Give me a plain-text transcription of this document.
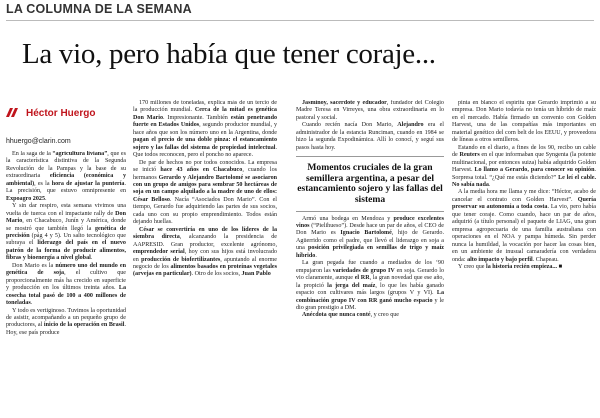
LA COLUMNA DE LA SEMANA
La vio, pero había que tener coraje...
Héctor Huergo
hhuergo@clarin.com

En la saga de la “agricultura liviana”, que es la característica distintiva de la Segunda Revolución de la Pampas y la base de su extraordinaria eficiencia (económica y ambiental), es la hora de ajustar la puntería. La precisión, que estuvo omnipresente en Expoagro 2025.

Y sin dar respiro, esta semana vivimos una vuelta de tuerca con el impactante rally de Don Mario, en Chacabuco, Junín y América, donde se mostró que también llegó la genética de precisión (pág 4 y 5). Un salto tecnológico que subraya el liderazgo del país en el nuevo patrón de la forma de producir alimentos, fibras y bioenergía a nivel global.

Don Mario es la número uno del mundo en genética de soja, el cultivo que proporcionalmente más ha crecido en superficie y producción en los últimos treinta años. La cosecha total pasó de 100 a 400 millones de toneladas.

Y todo es vertiginoso. Tuvimos la oportunidad de asistir, acompañando a un pequeño grupo de productores, al inicio de la operación en Brasil. Hoy, ese país produce

170 millones de toneladas, explica más de un tercio de la producción mundial. Cerca de la mitad es genética Don Mario. Impresionante. También están penetrando fuerte en Estados Unidos, segundo productor mundial, y hace años que son los número uno en la Argentina, donde pagan el precio de una doble pinza: el estancamiento sojero y las fallas del sistema de propiedad intelectual. Que todos reconocen, pero el poncho no aparece.

De par de hechos no por todos conocidos. La empresa se inició hace 43 años en Chacabuco, cuando los hermanos Gerardo y Alejandro Bartolomé se asociaron con un grupo de amigos para sembrar 50 hectáreas de soja en un campo alquilado a la madre de uno de ellos: César Belloso. Nacía “Asociados Don Mario”. Con el tiempo, Gerardo fue adquiriendo las partes de sus socios, cada uno con su propio emprendimiento. Todos están dejando huellas.

César se convertiría en uno de los líderes de la siembra directa, alcanzando la presidencia de AAPRESID. Gran productor, excelente agrónomo, emprendedor serial, hoy con sus hijos está involucrado en producción de biofertilizantes, apuntando al enorme negocio de los alimentos basados en proteínas vegetales (arvejas en particular). Otro de los socios, Juan Pablo

Jasminoy, sacerdote y educador, fundador del Colegio Madre Teresa en Virreyes, una obra extraordinaria en lo pastoral y social.

Cuando recién nacía Don Mario, Alejandro era el administrador de la estancia Runciman, cuando en 1984 se hizo la segunda Expodinámica. Allí lo conocí, y seguí sus pasos hasta hoy.

Momentos cruciales de la gran semillera argentina, a pesar del estancamiento sojero y las fallas del sistema

Armó una bodega en Mendoza y produce excelentes vinos (“Pielihueso”). Desde hace un par de años, el CEO de Don Mario es Ignacio Bartolomé, hijo de Gerardo. Agüerrido como el padre, que llevó el liderazgo en soja a una posición privilegiada en semillas de trigo y maíz híbrido.

La gran pegada fue cuando a mediados de los ‘90 empujaron las variedades de grupo IV en soja. Gerardo lo vio claramente, aunque el RR, la gran novedad que ese año, la propició la jerga del maíz, lo que les había ganado espacio con cultivares más largos (grupos V y VI). La combinación grupo IV con RR ganó mucho espacio y le dio gran prestigio a DM.

Anécdota que nunca conté, y creo que

pinta en blanco el espíritu que Gerardo imprimió a su empresa. Don Mario todavía no tenía un híbrido de maíz en el mercado. Había firmado un convenio con Golden Harvest, una de las compañías más importantes en material genético del corn belt de los EEUU, y proveedora de líneas a otros semilleros.

Estando en el diario, a fines de los 90, recibo un cable de Reuters en el que informaban que Syngenta (la potente multinacional, por entonces suiza) había adquirido Golden Harvest. Lo llamo a Gerardo, para conocer su opinión. Sorpresa total. “¿Qué me estás diciendo?” Le leí el cable. No sabía nada.

A la media hora me llama y me dice: “Héctor, acabo de cancelar el contrato con Golden Harvest”. Quería preservar su autonomía a toda costa. La vio, pero había que tener coraje. Como cuando, hace un par de años, adquirió (a título personal) el paquete de LIAG, una gran empresa agropecuaria de una familia australiana con operaciones en el NOA y pampa húmeda. Sin perder nunca la humildad, la vocación por hacer las cosas bien, en un ambiente de inusual camaradería con verdadera onda: alto impacto y bajo perfil. Chapeau.

Y creo que la historia recién empieza... ■
